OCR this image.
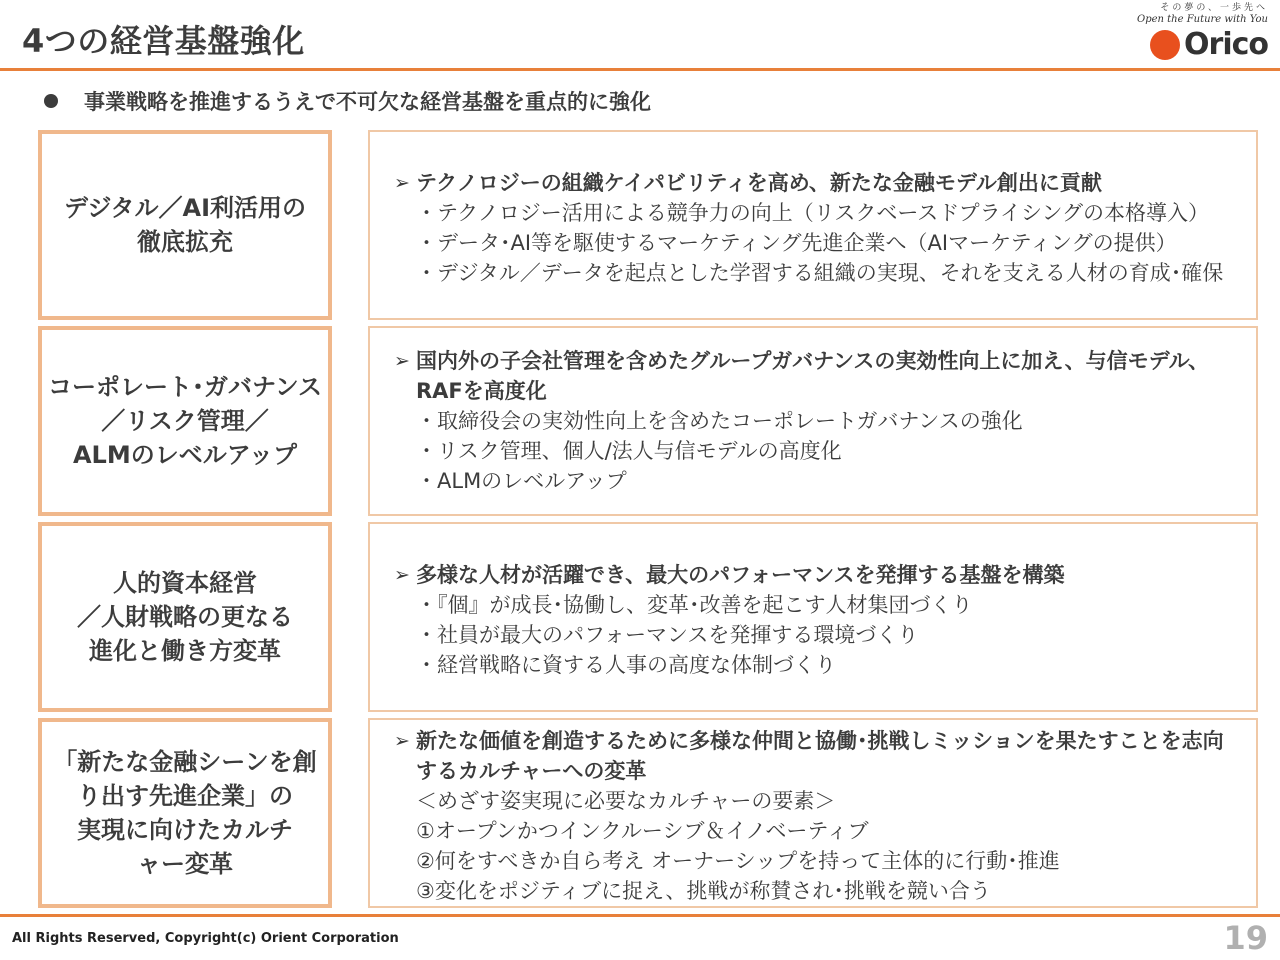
4つの経営基盤強化
その夢の、一歩先へ
Open the Future with You
Orico
事業戦略を推進するうえで不可欠な経営基盤を重点的に強化
デジタル／AI利活用の
徹底拡充
➢ テクノロジーの組織ケイパビリティを高め、新たな金融モデル創出に貢献
・テクノロジー活用による競争力の向上（リスクベースドプライシングの本格導入）
・データ･AI等を駆使するマーケティング先進企業へ（AIマーケティングの提供）
・デジタル／データを起点とした学習する組織の実現、それを支える人材の育成･確保
コーポレート･ガバナンス
／リスク管理／
ALMのレベルアップ
➢ 国内外の子会社管理を含めたグループガバナンスの実効性向上に加え、与信モデル、RAFを高度化
・取締役会の実効性向上を含めたコーポレートガバナンスの強化
・リスク管理、個人/法人与信モデルの高度化
・ALMのレベルアップ
人的資本経営
／人財戦略の更なる
進化と働き方変革
➢ 多様な人材が活躍でき、最大のパフォーマンスを発揮する基盤を構築
・『個』が成長･協働し、変革･改善を起こす人材集団づくり
・社員が最大のパフォーマンスを発揮する環境づくり
・経営戦略に資する人事の高度な体制づくり
「新たな金融シーンを創
り出す先進企業」の
実現に向けたカルチ
ャー変革
➢ 新たな価値を創造するために多様な仲間と協働･挑戦しミッションを果たすことを志向するカルチャーへの変革
＜めざす姿実現に必要なカルチャーの要素＞
①オープンかつインクルーシブ＆イノベーティブ
②何をすべきか自ら考え オーナーシップを持って主体的に行動･推進
③変化をポジティブに捉え、挑戦が称賛され･挑戦を競い合う
All Rights Reserved, Copyright(c) Orient Corporation	19
